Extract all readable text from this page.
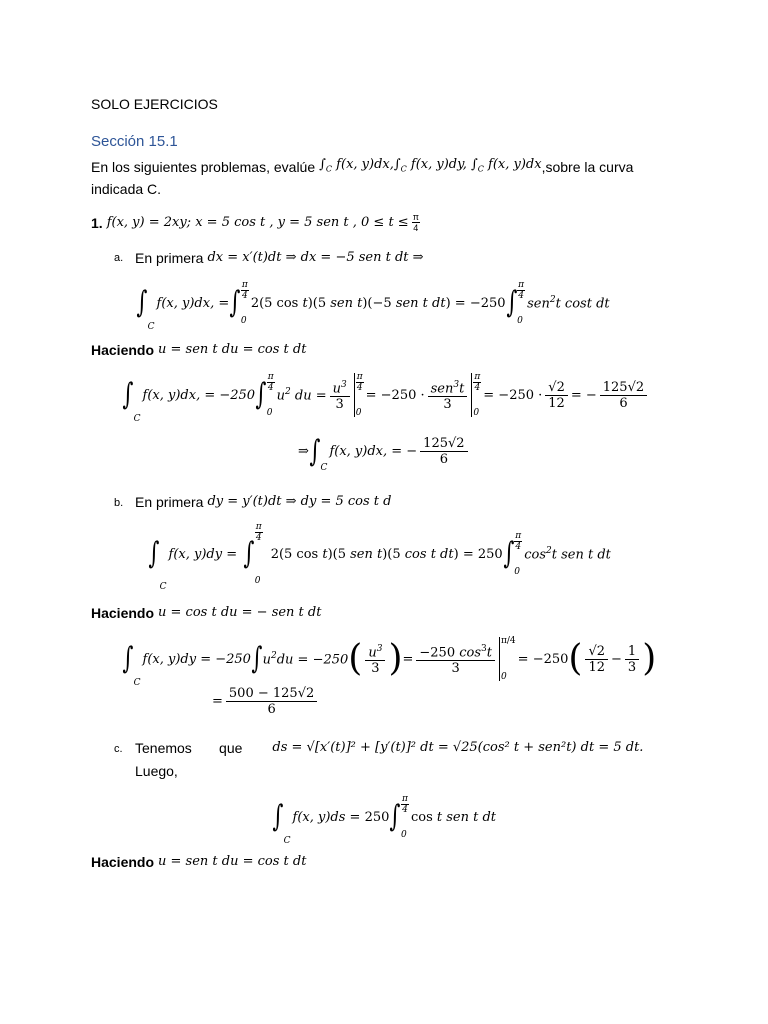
SOLO EJERCICIOS
Sección 15.1
En los siguientes problemas, evalúe $\int_C$ f(x, $y)dx,\int_C$ f(x, y)dy, $\int_C$ f(x, y)dx ,sobre la curva
indicada C.
1. f(x, y) = 2xy; x = 5 cos t , y = 5 sen t , $0 \le t \le \frac{\pi}{4}$
a. En primera dx = x′(t)dt ⇒ dx = −5 sen t dt ⇒
∫
C
f(x, y)dx, = ∫ $\frac{\pi}{4}$
0
2(5 cos t)(5 sen t)(−5 sen t dt) = −250 ∫ $\frac{\pi}{4}$
0
sen$^2$t cost dt
Haciendo u = sen t du = cos t dt
∫
C
f(x, y)dx, = −250 ∫ $\frac{\pi}{4}$
0
$u^2$ du = $\frac{u^3}{3} \frac{\pi}{4}$
0
= $-250 \cdot \frac{sen^3t}{3} \frac{\pi}{4}$
0
= $-250 \cdot \frac{√2}{12}$ = − $\frac{125√2}{6}$
⇒ ∫ C
f(x, y)dx, = − $\frac{125√2}{6}$
b. En primera dy = y′(t)dt ⇒ dy = 5 cos t d
∫
C
f(x, y)dy = ∫
$\frac{\pi}{4}$
0
2(5 cos t)(5 sen t)(5 cos t dt) = 250 ∫ $\frac{\pi}{4}$
0
$\cos^2t$ sen t dt
Haciendo u = cos t du = − sen t dt
∫
C
f(x, y)dy = −250 ∫ $u^2du = -250$ ( $\frac{u^3}{3}$ ) = $\frac{-250 \cos^3t}{3}$
π/4
0
= −250 ( $\frac{√2}{12} - \frac{1}{3}$ )
= $\frac{500 - 125√2}{6}$
c. Tenemos       que ds = √[x′(t)]² + [y′(t)]² dt = √25(cos² t + sen²t) dt = 5 dt.
Luego,
∫
C
f(x, y)ds = 250 ∫ $\frac{\pi}{4}$
0
cos t sen t dt
Haciendo u = sen t du = cos t dt
